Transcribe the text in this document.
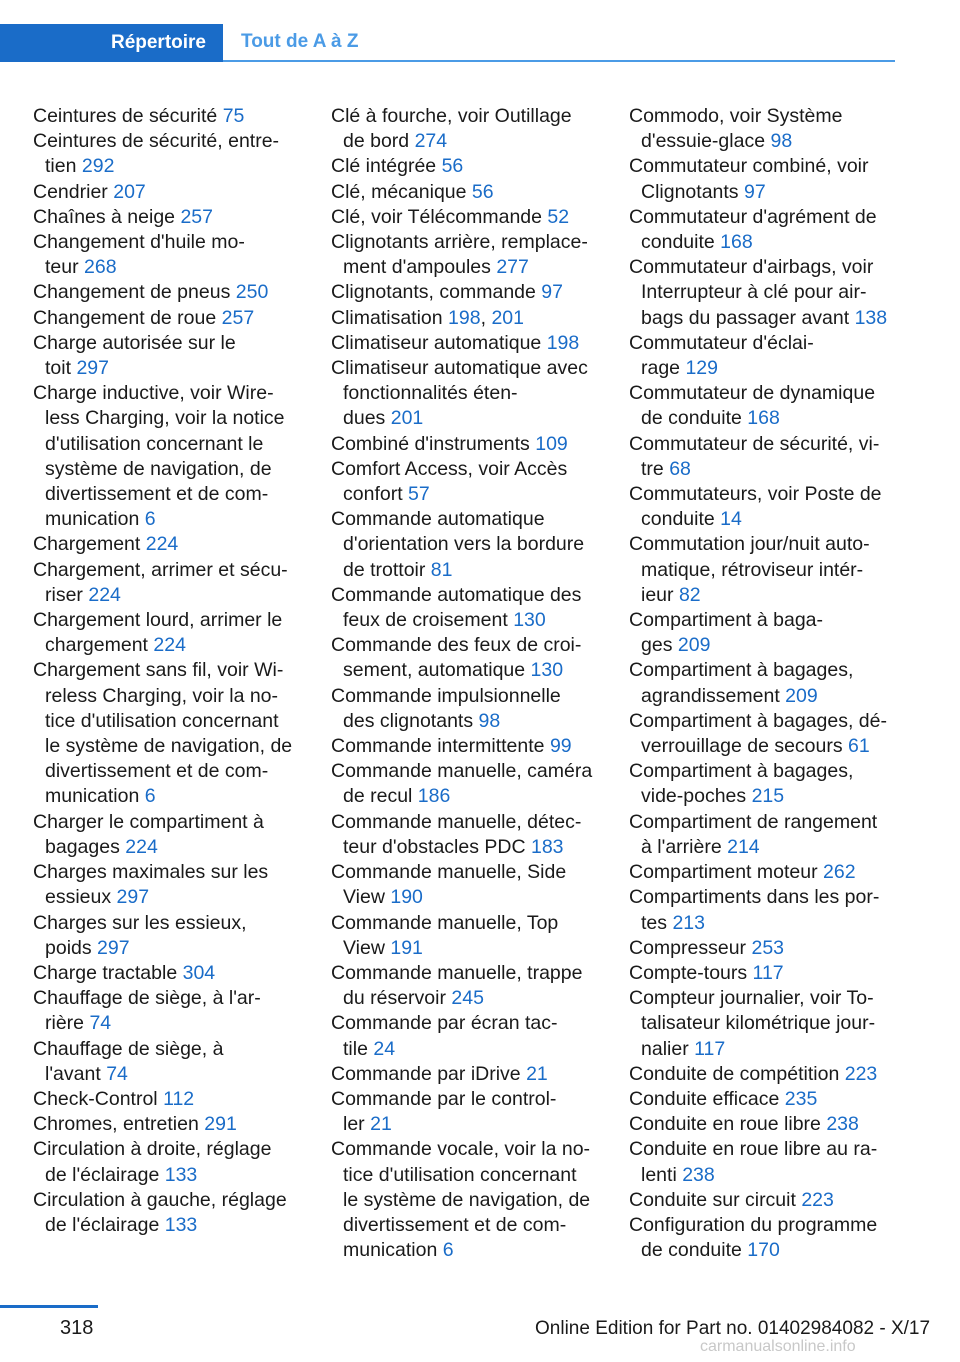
Répertoire	Tout de A à Z
Ceintures de sécurité 75
Ceintures de sécurité, entre-
tien 292
Cendrier 207
Chaînes à neige 257
Changement d'huile mo-
teur 268
Changement de pneus 250
Changement de roue 257
Charge autorisée sur le
toit 297
Charge inductive, voir Wire-
less Charging, voir la notice
d'utilisation concernant le
système de navigation, de
divertissement et de com-
munication 6
Chargement 224
Chargement, arrimer et sécu-
riser 224
Chargement lourd, arrimer le
chargement 224
Chargement sans fil, voir Wi-
reless Charging, voir la no-
tice d'utilisation concernant
le système de navigation, de
divertissement et de com-
munication 6
Charger le compartiment à
bagages 224
Charges maximales sur les
essieux 297
Charges sur les essieux,
poids 297
Charge tractable 304
Chauffage de siège, à l'ar-
rière 74
Chauffage de siège, à
l'avant 74
Check-Control 112
Chromes, entretien 291
Circulation à droite, réglage
de l'éclairage 133
Circulation à gauche, réglage
de l'éclairage 133
Clé à fourche, voir Outillage
de bord 274
Clé intégrée 56
Clé, mécanique 56
Clé, voir Télécommande 52
Clignotants arrière, remplace-
ment d'ampoules 277
Clignotants, commande 97
Climatisation 198, 201
Climatiseur automatique 198
Climatiseur automatique avec
fonctionnalités éten-
dues 201
Combiné d'instruments 109
Comfort Access, voir Accès
confort 57
Commande automatique
d'orientation vers la bordure
de trottoir 81
Commande automatique des
feux de croisement 130
Commande des feux de croi-
sement, automatique 130
Commande impulsionnelle
des clignotants 98
Commande intermittente 99
Commande manuelle, caméra
de recul 186
Commande manuelle, détec-
teur d'obstacles PDC 183
Commande manuelle, Side
View 190
Commande manuelle, Top
View 191
Commande manuelle, trappe
du réservoir 245
Commande par écran tac-
tile 24
Commande par iDrive 21
Commande par le control-
ler 21
Commande vocale, voir la no-
tice d'utilisation concernant
le système de navigation, de
divertissement et de com-
munication 6
Commodo, voir Système
d'essuie-glace 98
Commutateur combiné, voir
Clignotants 97
Commutateur d'agrément de
conduite 168
Commutateur d'airbags, voir
Interrupteur à clé pour air-
bags du passager avant 138
Commutateur d'éclai-
rage 129
Commutateur de dynamique
de conduite 168
Commutateur de sécurité, vi-
tre 68
Commutateurs, voir Poste de
conduite 14
Commutation jour/nuit auto-
matique, rétroviseur intér-
ieur 82
Compartiment à baga-
ges 209
Compartiment à bagages,
agrandissement 209
Compartiment à bagages, dé-
verrouillage de secours 61
Compartiment à bagages,
vide-poches 215
Compartiment de rangement
à l'arrière 214
Compartiment moteur 262
Compartiments dans les por-
tes 213
Compresseur 253
Compte-tours 117
Compteur journalier, voir To-
talisateur kilométrique jour-
nalier 117
Conduite de compétition 223
Conduite efficace 235
Conduite en roue libre 238
Conduite en roue libre au ra-
lenti 238
Conduite sur circuit 223
Configuration du programme
de conduite 170
318	Online Edition for Part no. 01402984082 - X/17
carmanualsonline.info
